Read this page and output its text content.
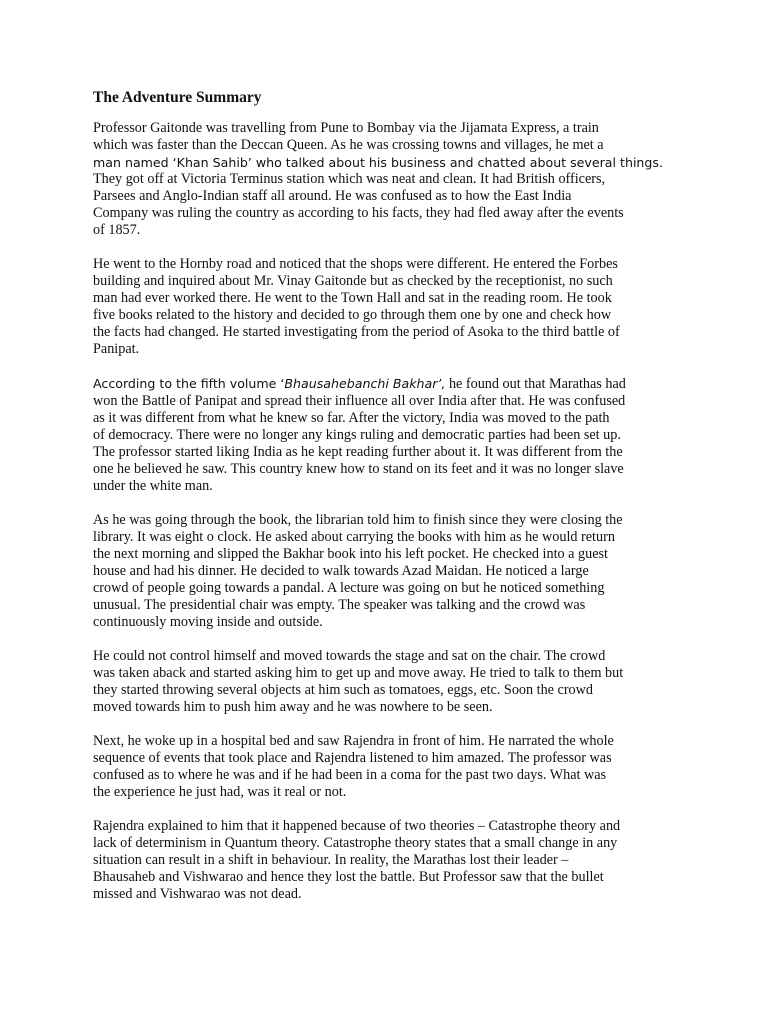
The Adventure Summary

Professor Gaitonde was travelling from Pune to Bombay via the Jijamata Express, a train
which was faster than the Deccan Queen. As he was crossing towns and villages, he met a
man named ‘Khan Sahib’ who talked about his business and chatted about several things.
They got off at Victoria Terminus station which was neat and clean. It had British officers,
Parsees and Anglo-Indian staff all around. He was confused as to how the East India
Company was ruling the country as according to his facts, they had fled away after the events
of 1857.

He went to the Hornby road and noticed that the shops were different. He entered the Forbes
building and inquired about Mr. Vinay Gaitonde but as checked by the receptionist, no such
man had ever worked there. He went to the Town Hall and sat in the reading room. He took
five books related to the history and decided to go through them one by one and check how
the facts had changed. He started investigating from the period of Asoka to the third battle of
Panipat.

According to the fifth volume ‘Bhausahebanchi Bakhar’, he found out that Marathas had
won the Battle of Panipat and spread their influence all over India after that. He was confused
as it was different from what he knew so far. After the victory, India was moved to the path
of democracy. There were no longer any kings ruling and democratic parties had been set up.
The professor started liking India as he kept reading further about it. It was different from the
one he believed he saw. This country knew how to stand on its feet and it was no longer slave
under the white man.

As he was going through the book, the librarian told him to finish since they were closing the
library. It was eight o clock. He asked about carrying the books with him as he would return
the next morning and slipped the Bakhar book into his left pocket. He checked into a guest
house and had his dinner. He decided to walk towards Azad Maidan. He noticed a large
crowd of people going towards a pandal. A lecture was going on but he noticed something
unusual. The presidential chair was empty. The speaker was talking and the crowd was
continuously moving inside and outside.

He could not control himself and moved towards the stage and sat on the chair. The crowd
was taken aback and started asking him to get up and move away. He tried to talk to them but
they started throwing several objects at him such as tomatoes, eggs, etc. Soon the crowd
moved towards him to push him away and he was nowhere to be seen.

Next, he woke up in a hospital bed and saw Rajendra in front of him. He narrated the whole
sequence of events that took place and Rajendra listened to him amazed. The professor was
confused as to where he was and if he had been in a coma for the past two days. What was
the experience he just had, was it real or not.

Rajendra explained to him that it happened because of two theories – Catastrophe theory and
lack of determinism in Quantum theory. Catastrophe theory states that a small change in any
situation can result in a shift in behaviour. In reality, the Marathas lost their leader –
Bhausaheb and Vishwarao and hence they lost the battle. But Professor saw that the bullet
missed and Vishwarao was not dead.
